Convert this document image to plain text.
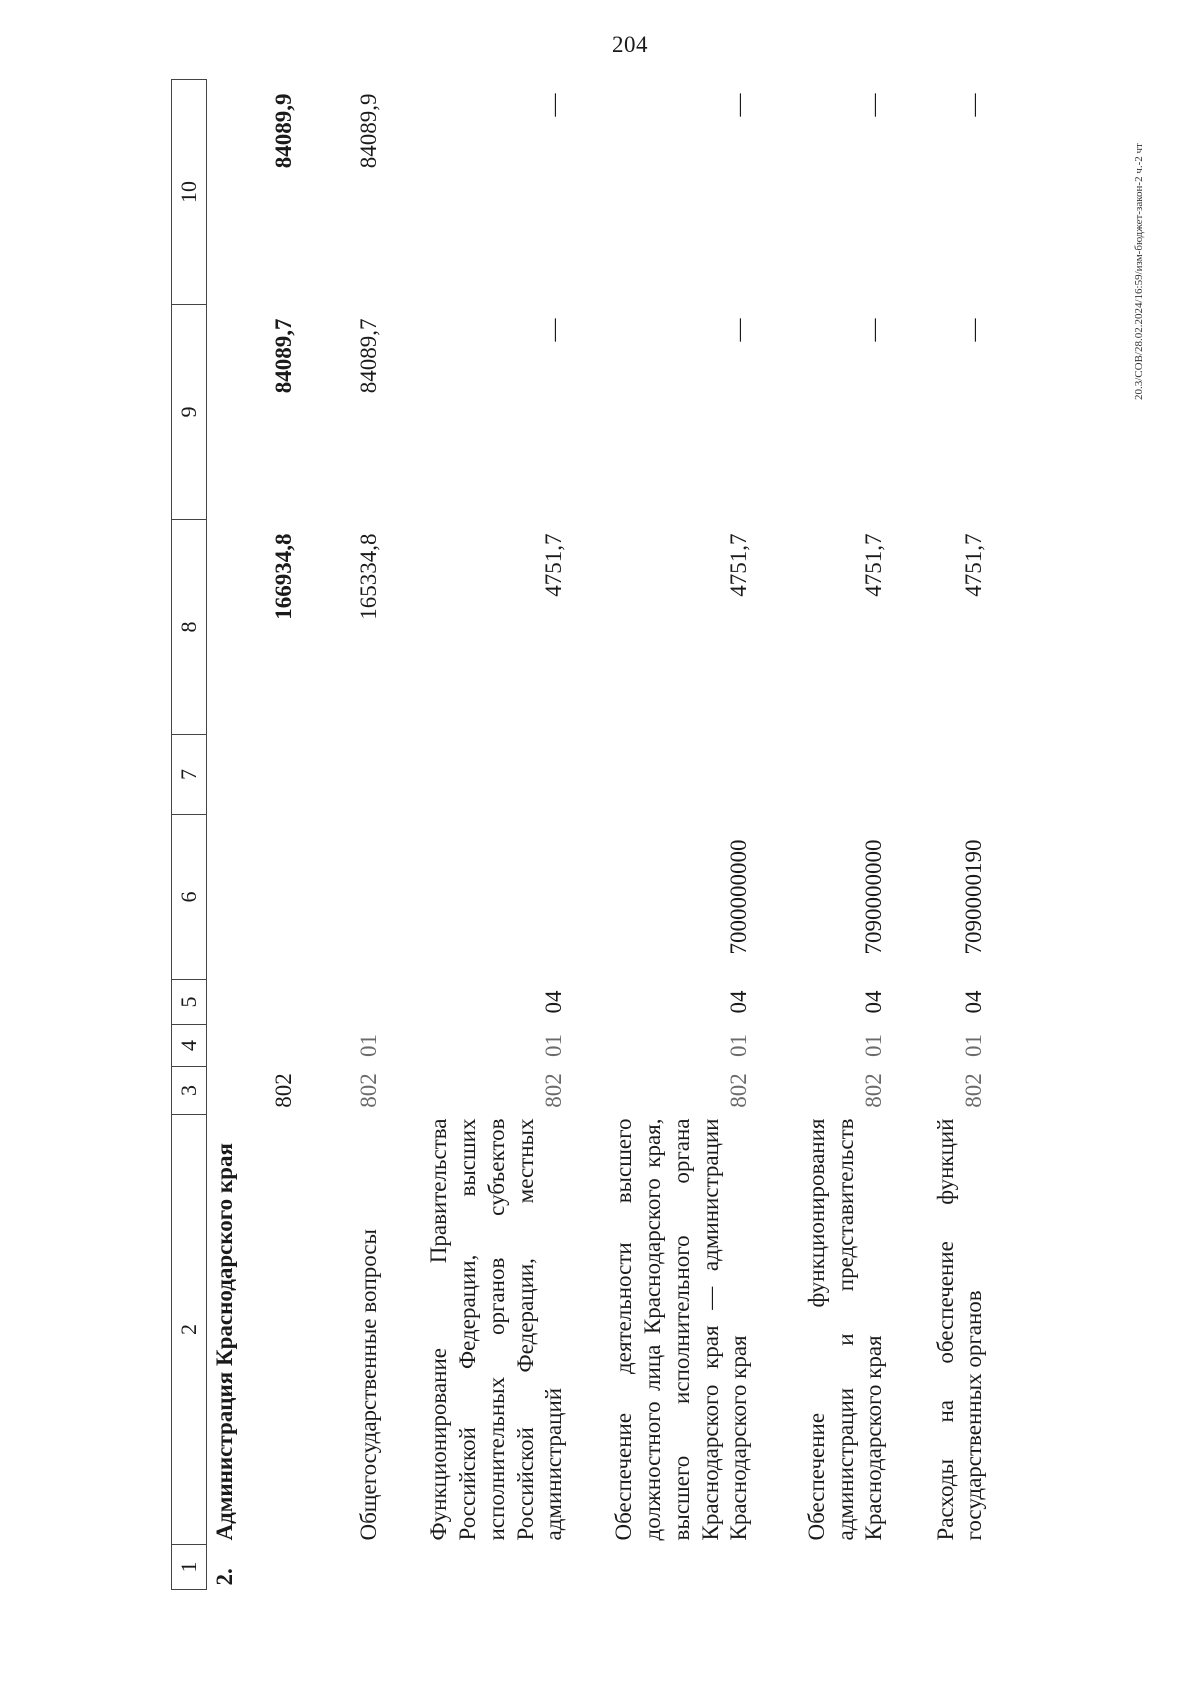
204
20.3/СОВ/28.02.2024/16:59/изм-бюджет-закон-2 ч.-2 чт
1	2	3	4	5	6	7	8	9	10
2.	Администрация Краснодарского края	802					166934,8	84089,7	84089,9
	Общегосударственные вопросы	802	01				165334,8	84089,7	84089,9
	Функционирование Правительства Российской Федерации, высших исполнительных органов субъектов Российской Федерации, местных администраций	802	01	04			4751,7	—	—
	Обеспечение деятельности высшего должностного лица Краснодарского края, высшего исполнительного органа Краснодарского края — администрации Краснодарского края	802	01	04	7000000000		4751,7	—	—
	Обеспечение функционирования администрации и представительств Краснодарского края	802	01	04	7090000000		4751,7	—	—
	Расходы на обеспечение функций государственных органов	802	01	04	7090000190		4751,7	—	—
